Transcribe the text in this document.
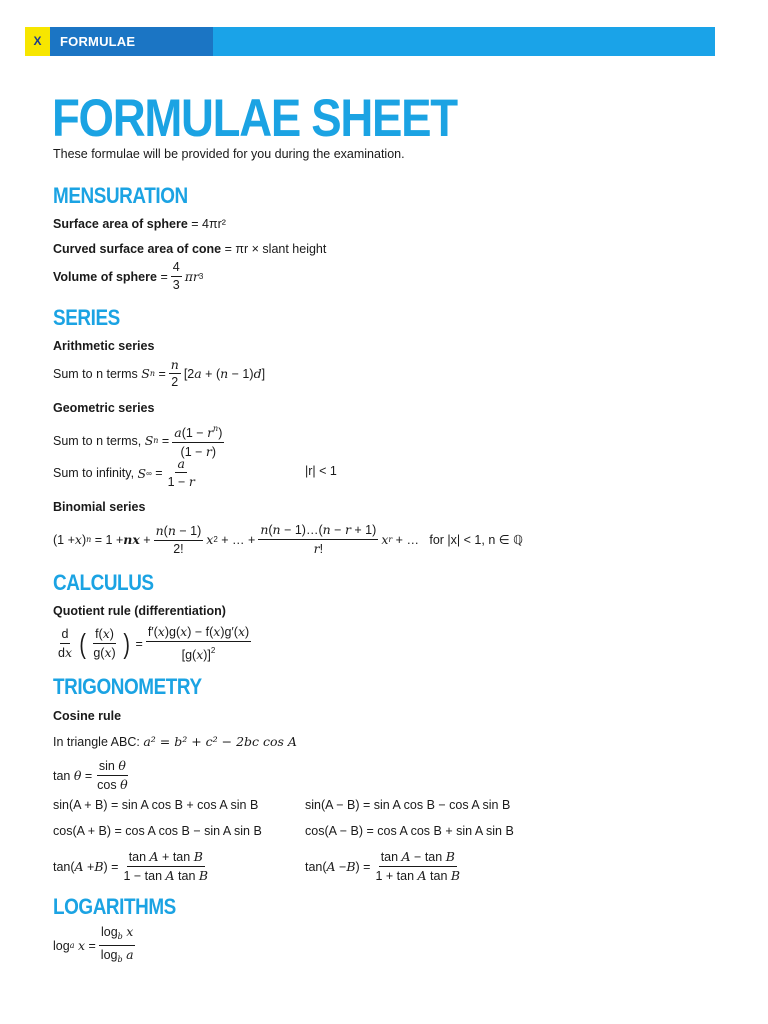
X	FORMULAE
FORMULAE SHEET
These formulae will be provided for you during the examination.
MENSURATION
Surface area of sphere
= 4πr²
Curved surface area of cone
= πr × slant height
Volume of sphere = $\frac{4}{3}$ πr 3
SERIES
Arithmetic series
Sum to n terms
S $n = \frac{n}{2} [2$ a + ( n − 1) d ]
Geometric series
Sum to n terms,
S $n = \frac{a(1 - r^n)}{(1 - r)}$
Sum to infinity,
S ∞ = $\frac{a}{1 - r}$	|r| < 1
Binomial series
(1 + x ) n = 1 + nx + $\frac{n(n - 1)}{2!}$ x 2 + … + $\frac{n(n - 1)\dots(n - r + 1)}{r!}$ x r + … for |x| < 1, n ∈ ℚ
CALCULUS
Quotient rule (differentiation)
$\frac{d}{dx}$ ( $\frac{f(x)}{g(x)}$ ) = $\frac{f'(x)g(x) - f(x)g'(x)}{[g(x)]^2}$
TRIGONOMETRY
Cosine rule
In triangle ABC:
a² = b² + c² − 2bc cos A
$\tan \theta = \frac{\text{sin θ}}{\text{cos θ}}$
sin(A + B) = sin A cos B + cos A sin B	sin(A − B) = sin A cos B − cos A sin B
cos(A + B) = cos A cos B − sin A sin B	cos(A − B) = cos A cos B + sin A sin B
tan( A + B ) = $\frac{\text{tan A + tan B}}{\text{1 − tan A tan B}}$	tan( A − B ) = $\frac{\text{tan A − tan B}}{\text{1 + tan A tan B}}$
LOGARITHMS
log a
$x = \frac{\log_b x}{\log_b a}$
